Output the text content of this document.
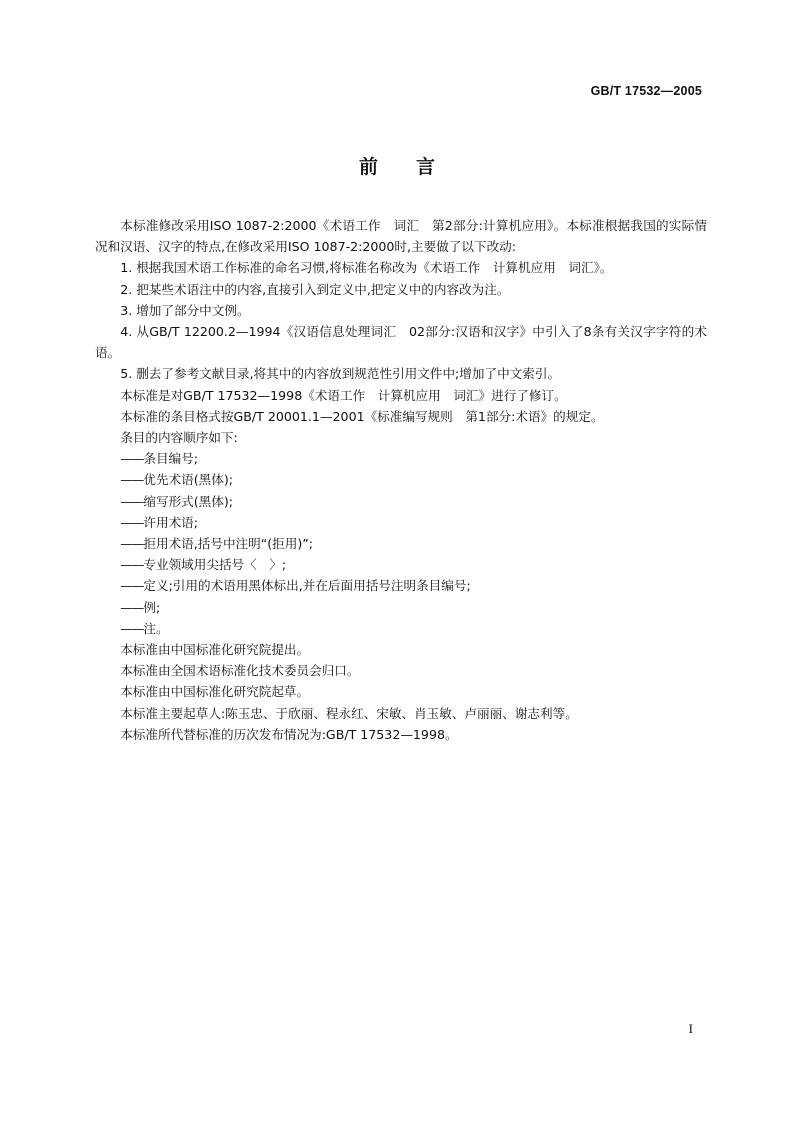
GB/T 17532—2005
前言

本标准修改采用ISO 1087-2:2000《术语工作　词汇　第2部分:计算机应用》。本标准根据我国的实际情况和汉语、汉字的特点,在修改采用ISO 1087-2:2000时,主要做了以下改动:

1. 根据我国术语工作标准的命名习惯,将标准名称改为《术语工作　计算机应用　词汇》。

2. 把某些术语注中的内容,直接引入到定义中,把定义中的内容改为注。

3. 增加了部分中文例。

4. 从GB/T 12200.2—1994《汉语信息处理词汇　02部分:汉语和汉字》中引入了8条有关汉字字符的术语。

5. 删去了参考文献目录,将其中的内容放到规范性引用文件中;增加了中文索引。

本标准是对GB/T 17532—1998《术语工作　计算机应用　词汇》进行了修订。

本标准的条目格式按GB/T 20001.1—2001《标准编写规则　第1部分:术语》的规定。

条目的内容顺序如下:

——条目编号;

——优先术语(黑体);

——缩写形式(黑体);

——许用术语;

——拒用术语,括号中注明“(拒用)”;

——专业领域用尖括号〈　〉;

——定义;引用的术语用黑体标出,并在后面用括号注明条目编号;

——例;

——注。

本标准由中国标准化研究院提出。

本标准由全国术语标准化技术委员会归口。

本标准由中国标准化研究院起草。

本标准主要起草人:陈玉忠、于欣丽、程永红、宋敏、肖玉敏、卢丽丽、谢志利等。

本标准所代替标准的历次发布情况为:GB/T 17532—1998。

I
